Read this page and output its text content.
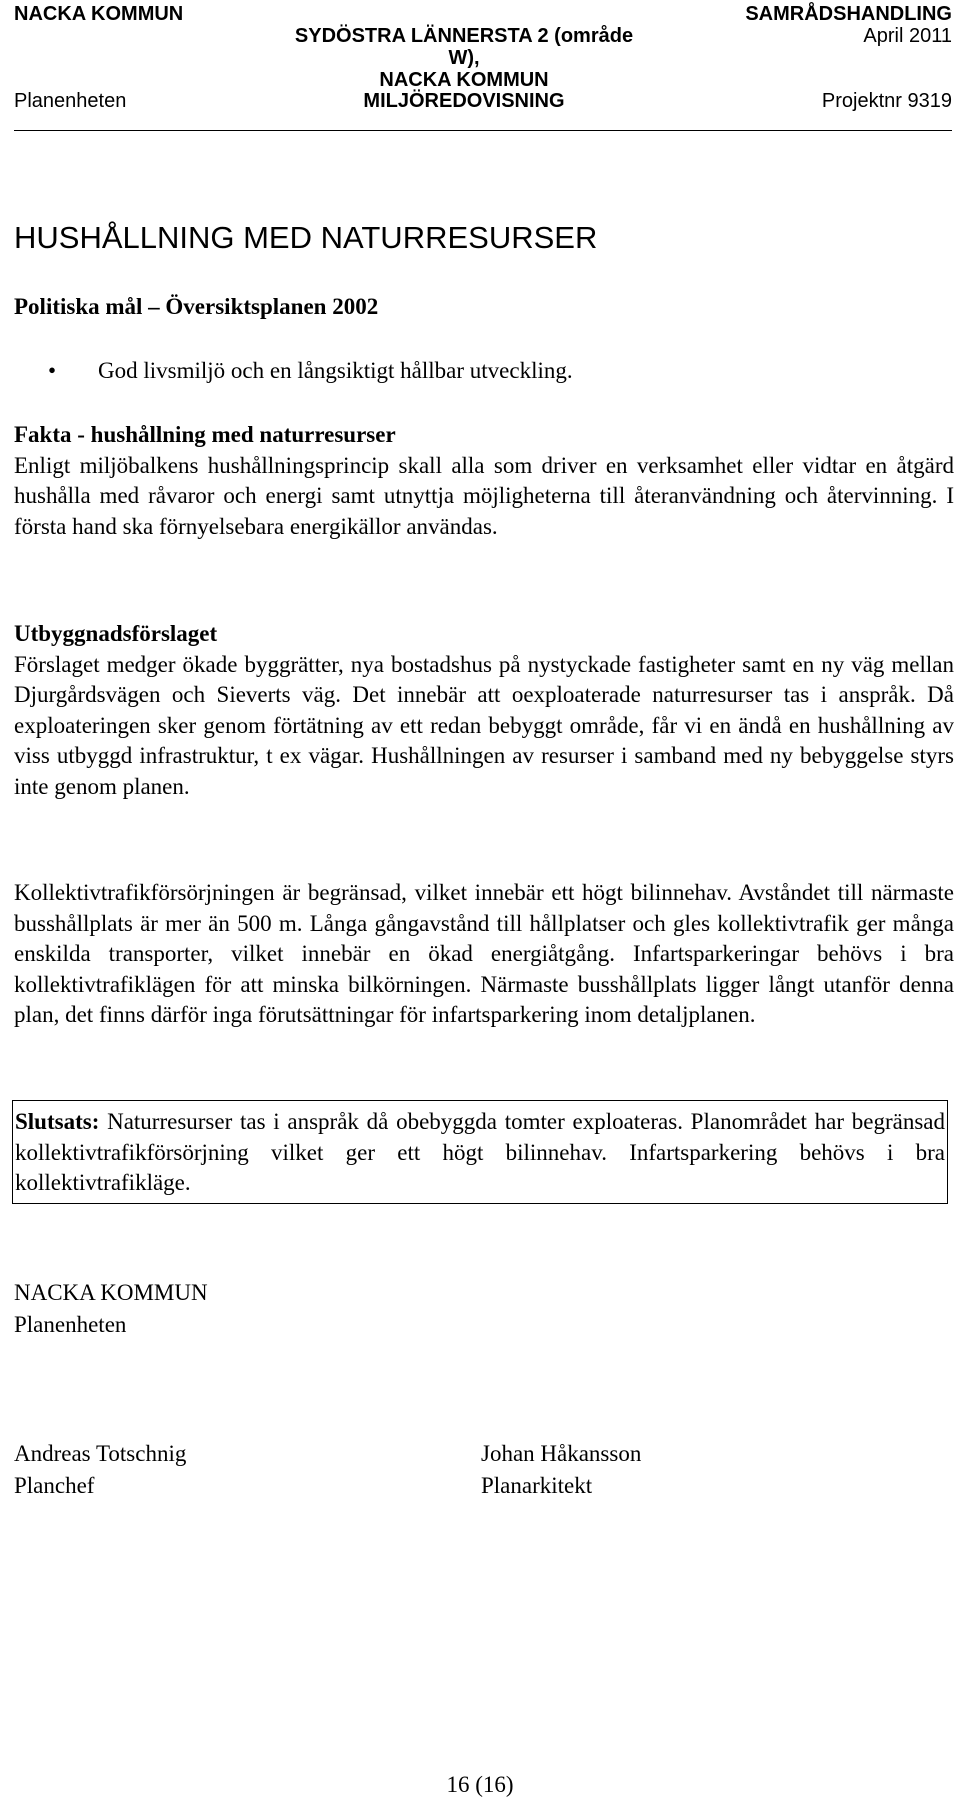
NACKA KOMMUN
Planenheten
SYDÖSTRA LÄNNERSTA 2 (område
W),
NACKA KOMMUN
MILJÖREDOVISNING
SAMRÅDSHANDLING
April 2011
Projektnr 9319
HUSHÅLLNING MED NATURRESURSER
Politiska mål – Översiktsplanen 2002
• God livsmiljö och en långsiktigt hållbar utveckling.
Fakta - hushållning med naturresurser
Enligt miljöbalkens hushållningsprincip skall alla som driver en verksamhet eller vidtar en åtgärd hushålla med råvaror och energi samt utnyttja möjligheterna till återanvändning och återvinning. I första hand ska förnyelsebara energikällor användas.
Utbyggnadsförslaget
Förslaget medger ökade byggrätter, nya bostadshus på nystyckade fastigheter samt en ny väg mellan Djurgårdsvägen och Sieverts väg. Det innebär att oexploaterade naturresurser tas i anspråk. Då exploateringen sker genom förtätning av ett redan bebyggt område, får vi en ändå en hushållning av viss utbyggd infrastruktur, t ex vägar. Hushållningen av resurser i samband med ny bebyggelse styrs inte genom planen.
Kollektivtrafikförsörjningen är begränsad, vilket innebär ett högt bilinnehav. Avståndet till närmaste busshållplats är mer än 500 m. Långa gångavstånd till hållplatser och gles kollektivtrafik ger många enskilda transporter, vilket innebär en ökad energiåtgång. Infartsparkeringar behövs i bra kollektivtrafiklägen för att minska bilkörningen. Närmaste busshållplats ligger långt utanför denna plan, det finns därför inga förutsättningar för infartsparkering inom detaljplanen.
Slutsats: Naturresurser tas i anspråk då obebyggda tomter exploateras. Planområdet har begränsad kollektivtrafikförsörjning vilket ger ett högt bilinnehav. Infartsparkering behövs i bra kollektivtrafikläge.
NACKA KOMMUN
Planenheten
Andreas Totschnig
Planchef
Johan Håkansson
Planarkitekt
16 (16)
